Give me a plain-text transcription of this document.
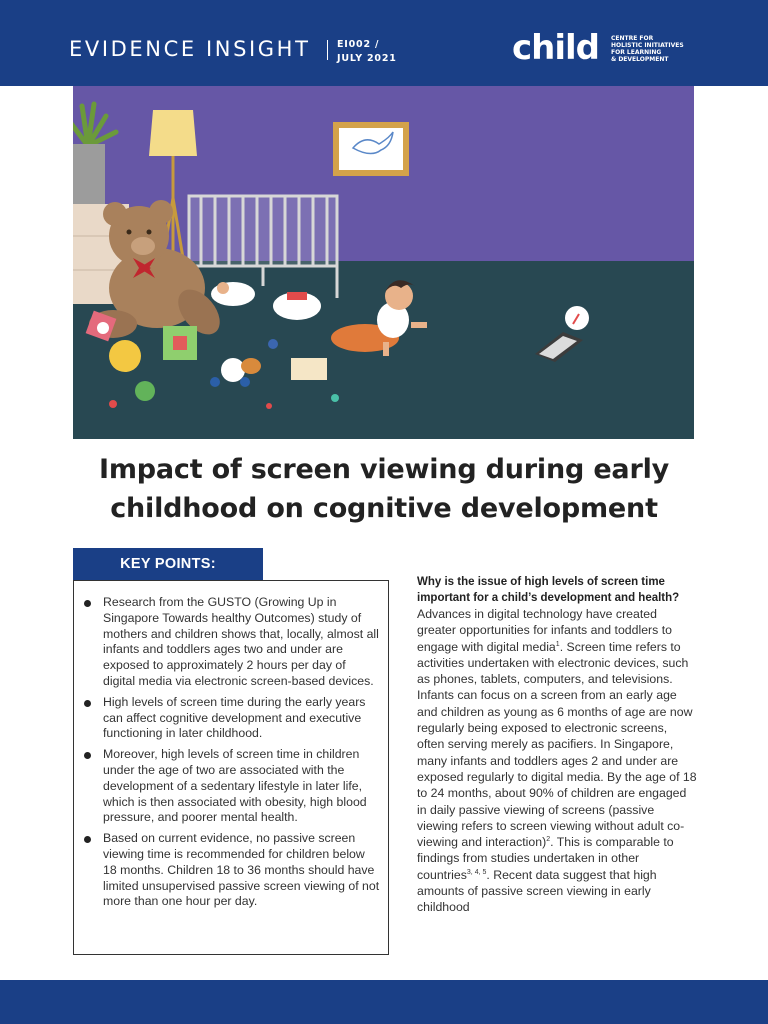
EVIDENCE INSIGHT	EI002 /
JULY 2021	child CENTRE FOR
HOLISTIC INITIATIVES
FOR LEARNING
& DEVELOPMENT
Impact of screen viewing during early
childhood on cognitive development
KEY POINTS:
Research from the GUSTO (Growing Up in Singapore Towards healthy Outcomes) study of mothers and children shows that, locally, almost all infants and toddlers ages two and under are exposed to approximately 2 hours per day of digital media via electronic screen-based devices.
High levels of screen time during the early years can affect cognitive development and executive functioning in later childhood.
Moreover, high levels of screen time in children under the age of two are associated with the development of a sedentary lifestyle in later life, which is then associated with obesity, high blood pressure, and poorer mental health.
Based on current evidence, no passive screen viewing time is recommended for children below 18 months. Children 18 to 36 months should have limited unsupervised passive screen viewing of not more than one hour per day.
Why is the issue of high levels of screen time important for a child’s development and health?
Advances in digital technology have created greater opportunities for infants and toddlers to engage with digital media$^1$. Screen time refers to activities undertaken with electronic devices, such as phones, tablets, computers, and televisions. Infants can focus on a screen from an early age and children as young as 6 months of age are now regularly being exposed to electronic screens, often serving merely as pacifiers. In Singapore, many infants and toddlers ages 2 and under are exposed regularly to digital media. By the age of 18 to 24 months, about 90% of children are engaged in daily passive viewing of screens (passive viewing refers to screen viewing without adult co-viewing and interaction)$^2$. This is comparable to findings from studies undertaken in other countries$^{3, 4, 5}$. Recent data suggest that high amounts of passive screen viewing in early childhood
